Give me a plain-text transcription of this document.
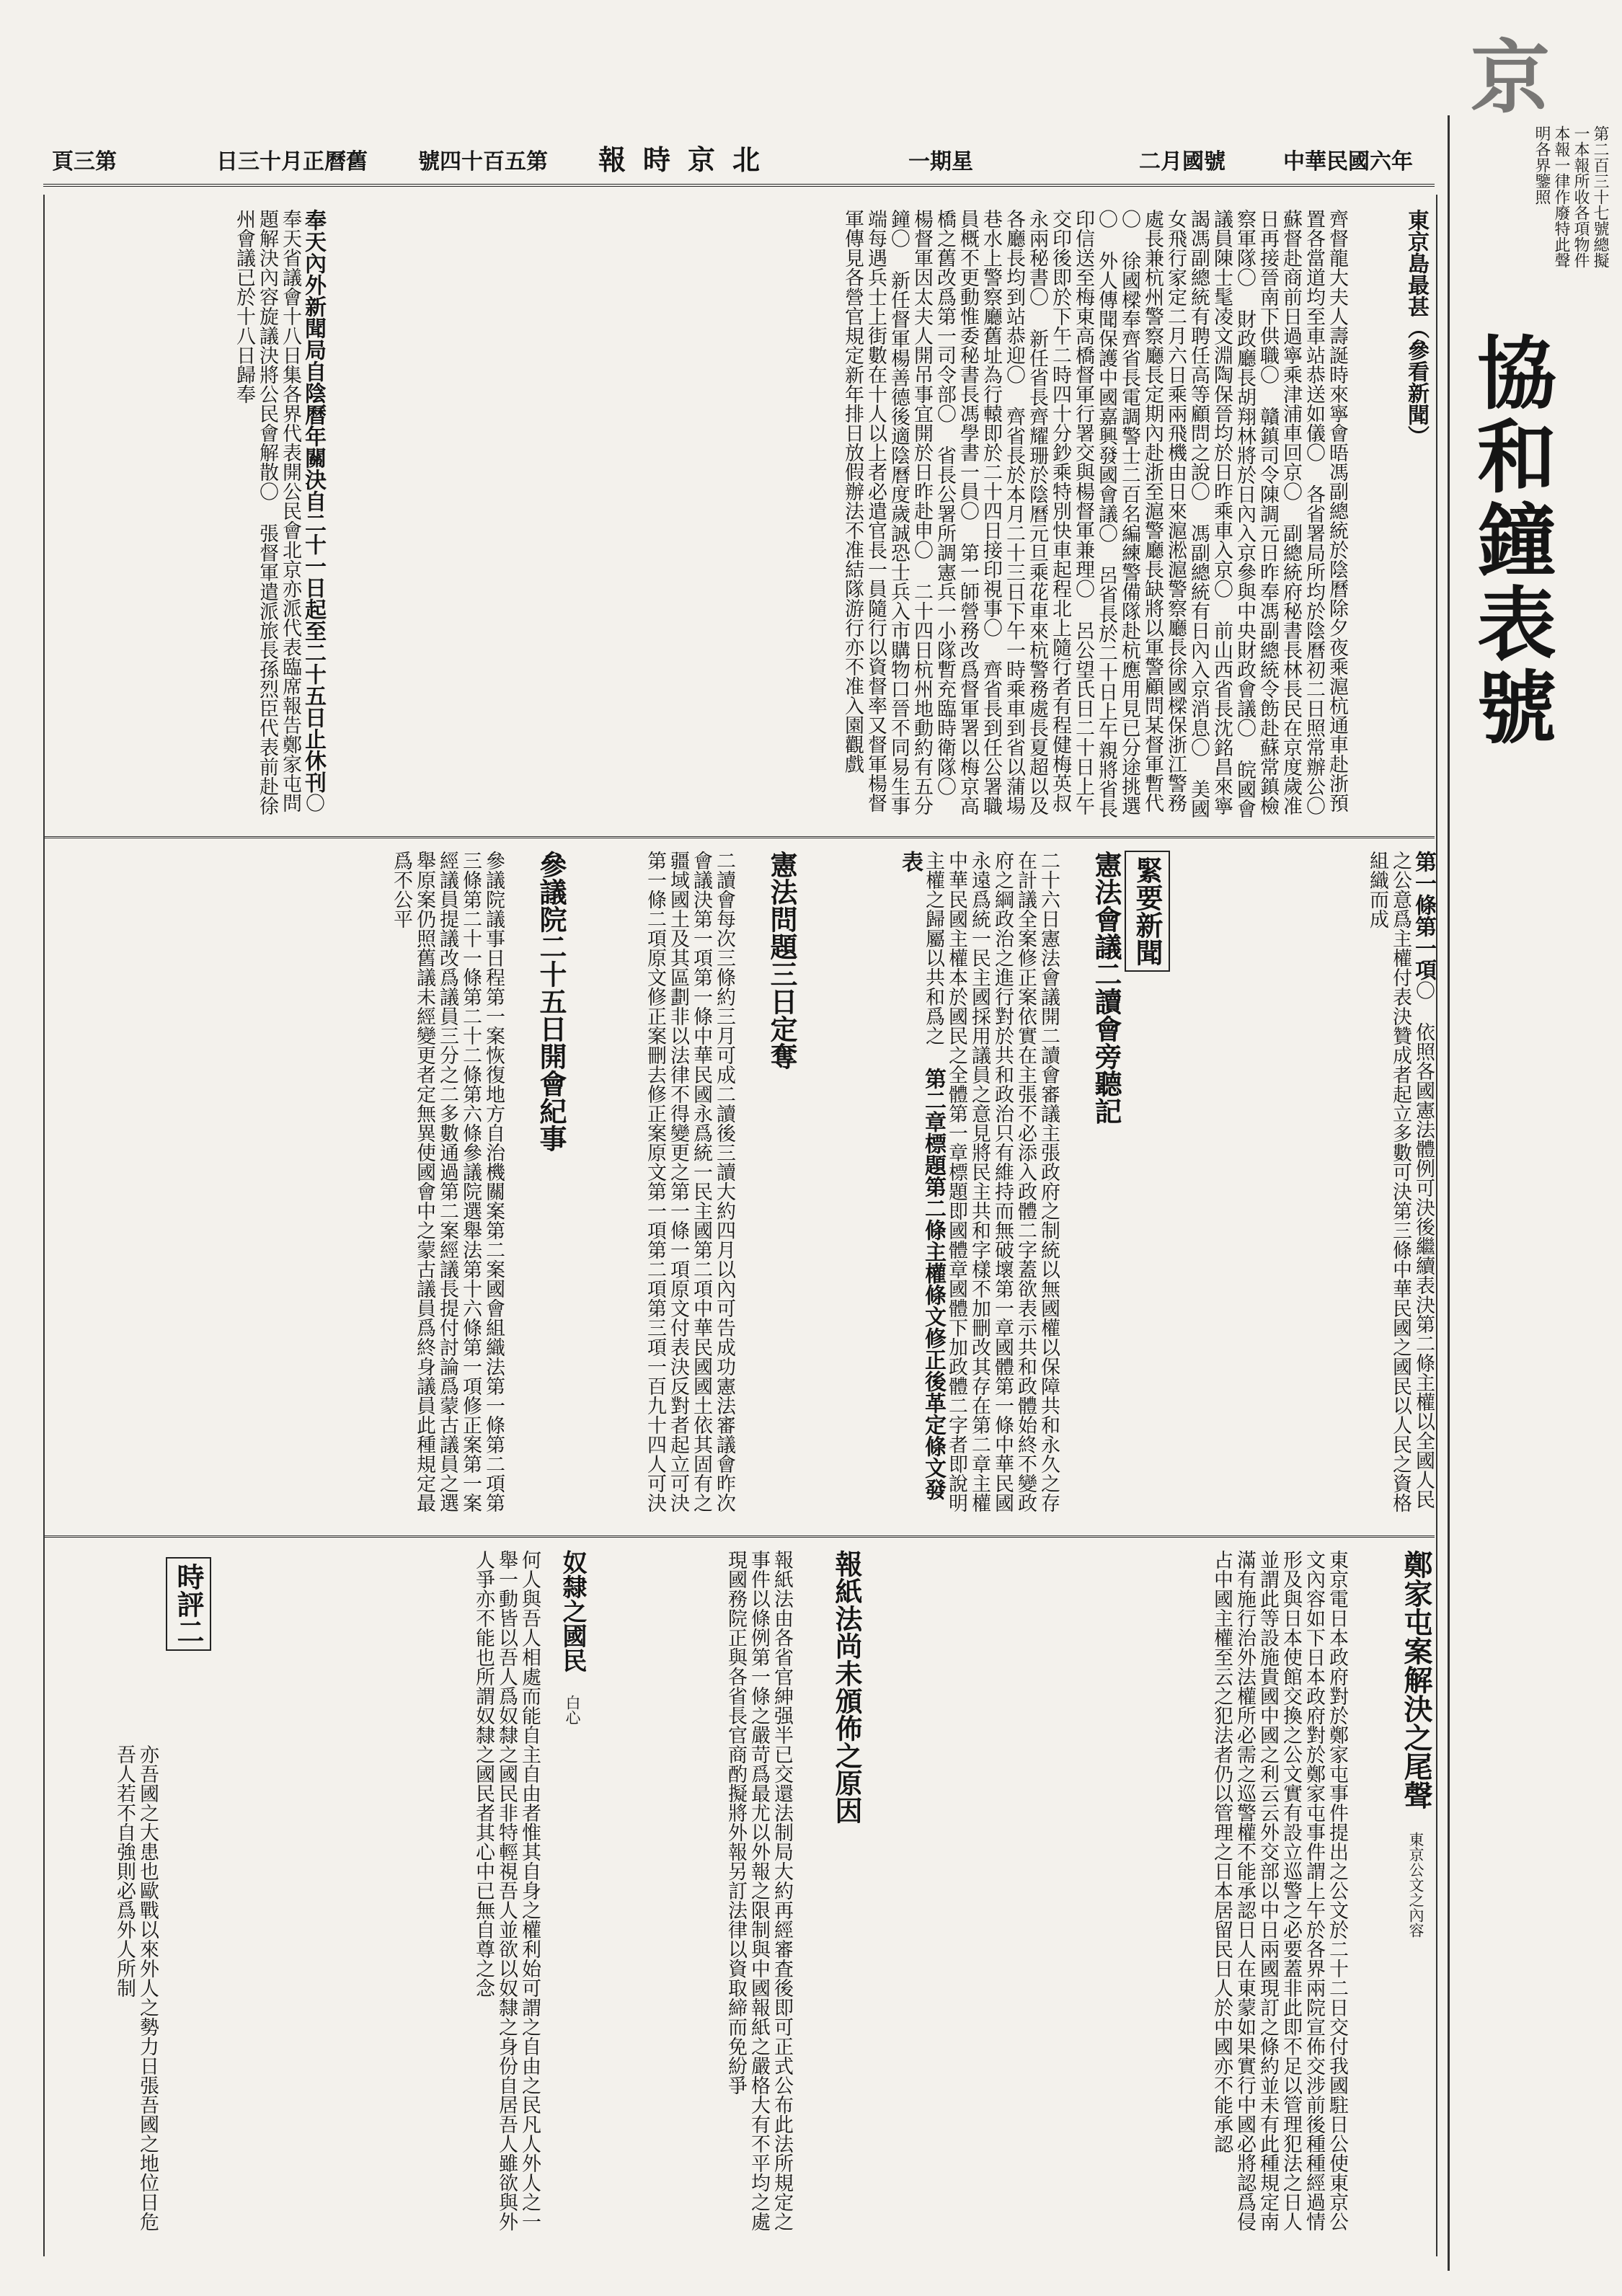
頁三第	日三十月正曆舊 號四十百五第 報時京北	一期星	二月國號	中華民國六年	第二百三十七號總擬一本報所收各項物件本報一律作廢特此聲明各界鑒照
協和鐘表號
京
東京島最甚（參看新聞）
齊督龍大夫人壽誕時來寧會晤馮副總統於陰曆除夕夜乘滬杭通車赴浙預置各當道均至車站恭送如儀〇 各省署局所均於陰曆初二日照常辦公〇 蘇督赴商前日過寧乘津浦車回京〇 副總統府秘書長林長民在京度歲准日再接晉南下供職〇 贛鎮司令陳調元日昨奉馮副總統令飭赴蘇常鎮檢察軍隊〇 財政廳長胡翔林將於日內入京參與中央財政會議〇 皖國會議員陳士髦凌文淵陶保晉均於日昨乘車入京〇 前山西省長沈銘昌來寧謁馮副總統有聘任高等顧問之說〇 馮副總統有日內入京消息〇 美國女飛行家定二月六日乘兩飛機由日來滬淞滬警察廳長徐國樑保浙江警務處長兼杭州警察廳長定期內赴浙至滬警廳長缺將以軍警顧問某督軍暫代〇 徐國樑奉齊省長電調警士二百名編練警備隊赴杭應用見已分途挑選〇 外人傳聞保護中國嘉興發國會議〇 呂省長於二十日上午親將省長印信送至梅東高橋督軍行署交與楊督軍兼理〇 呂公望氏日二十日上午交印後即於下午二時四十分鈔乘特別快車起程北上隨行者有程健梅英叔永兩秘書〇 新任省長齊耀珊於陰曆元旦乘花車來杭警務處長夏超以及各廳長均到站恭迎〇 齊省長於本月二十三日下午一時乘車到省以蒲場巷水上警察廳舊址為行轅即於二十四日接印視事〇 齊省長到任公署職員概不更動惟委秘書長馮學書一員〇 第一師營務改爲督軍署以梅京高橋之舊改爲第一司令部〇 省長公署所調憲兵一小隊暫充臨時衛隊〇 楊督軍因太夫人開吊事宜開於日昨赴申〇 二十四日杭州地動約有五分鐘〇 新任督軍楊善德後適陰曆度歲誠恐士兵入市購物口晉不同易生事端每遇兵士上街數在十人以上者必遣官長一員隨行以資督率又督軍楊督軍傳見各營官規定新年排日放假辦法不准結隊游行亦不准入園觀戲
奉天內外新聞局自陰曆年關決自二十一日起至二十五日止休刊〇 奉天省議會十八日集各界代表開公民會北京亦派代表臨席報告鄭家屯問題解決內容旋議決將公民會解散〇 張督軍遣派旅長孫烈臣代表前赴徐州會議已於十八日歸奉
緊要新聞
憲法會議二讀會旁聽記
二十六日憲法會議開二讀會審議主張政府之制統以無國權以保障共和永久之存在計議全案修正案依實在主張不必添入政體二字蓋欲表示共和政體始終不變政府之綱政治之進行對於共和政治只有維持而無破壞第一章國體第一條中華民國永遠爲統一民主國採用議員之意見將民主共和字樣不加刪改其存在第二章主權中華民國主權本於國民之全體第一章標題即國體章國體下加政體二字者即說明主權之歸屬以共和爲之 第二章標題第二條主權條文修正後革定條文發表	第一條第一項〇 依照各國憲法體例可決後繼續表決第二條主權以全國人民之公意爲主權付表決贊成者起立多數可決第三條中華民國之國民以人民之資格組織而成
憲法問題三日定奪
二讀會每次三條約三月可成二讀後三讀大約四月以內可告成功憲法審議會昨次會議決第一項第一條中華民國永爲統一民主國第二項中華民國國土依其固有之疆域國土及其區劃非以法律不得變更之第一條一項原文付表決反對者起立可決第一條二項原文修正案刪去修正案原文第一項第二項第三項一百九十四人可決
參議院二十五日開會紀事
參議院議事日程第一案恢復地方自治機關案第二案國會組織法第一條第二項第三條第二十一條第二十二條第六條參議院選舉法第十六條第一項修正案第一案經議員提議改爲議員三分之二多數通過第二案經議長提付討論爲蒙古議員之選舉原案仍照舊議未經變更者定無異使國會中之蒙古議員爲終身議員此種規定最爲不公平
鄭家屯案解決之尾聲 東京公文之內容
東京電日本政府對於鄭家屯事件提出之公文於二十二日交付我國駐日公使東京公文內容如下日本政府對於鄭家屯事件謂上午於各界兩院宣佈交涉前後種種經過情形及與日本使館交換之公文實有設立巡警之必要蓋非此即不足以管理犯法之日人並謂此等設施貴國中國之利云云外交部以中日兩國現訂之條約並未有此種規定南滿有施行治外法權所必需之巡警權不能承認日人在東蒙如果實行中國必將認爲侵占中國主權至云之犯法者仍以管理之日本居留民日人於中國亦不能承認
報紙法尚未頒佈之原因
報紙法由各省官紳强半已交還法制局大約再經審査後即可正式公布此法所規定之事件以條例第一條之嚴苛爲最尤以外報之限制與中國報紙之嚴格大有不平均之處現國務院正與各省長官商酌擬將外報另訂法律以資取締而免紛爭
奴隸之國民 白心
何人與吾人相處而能自主自由者惟其自身之權利始可謂之自由之民凡人外人之一舉一動皆以吾人爲奴隸之國民非特輕視吾人並欲以奴隸之身份自居吾人雖欲與外人爭亦不能也所謂奴隸之國民者其心中已無自尊之念
時評二
亦吾國之大患也歐戰以來外人之勢力日張吾國之地位日危吾人若不自強則必爲外人所制
